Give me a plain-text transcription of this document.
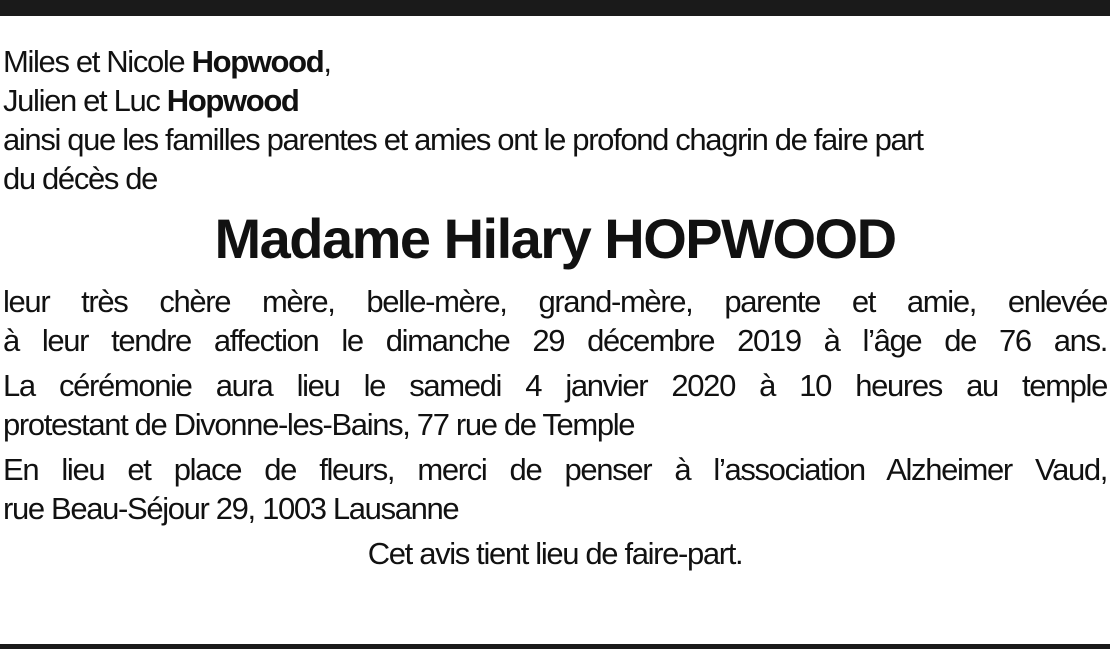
Miles et Nicole Hopwood,
Julien et Luc Hopwood
ainsi que les familles parentes et amies ont le profond chagrin de faire part
du décès de
Madame Hilary HOPWOOD
leur très chère mère, belle-mère, grand-mère, parente et amie, enlevée
à leur tendre affection le dimanche 29 décembre 2019 à l’âge de 76 ans.
La cérémonie aura lieu le samedi 4 janvier 2020 à 10 heures au temple
protestant de Divonne-les-Bains, 77 rue de Temple
En lieu et place de fleurs, merci de penser à l’association Alzheimer Vaud,
rue Beau-Séjour 29, 1003 Lausanne
Cet avis tient lieu de faire-part.
